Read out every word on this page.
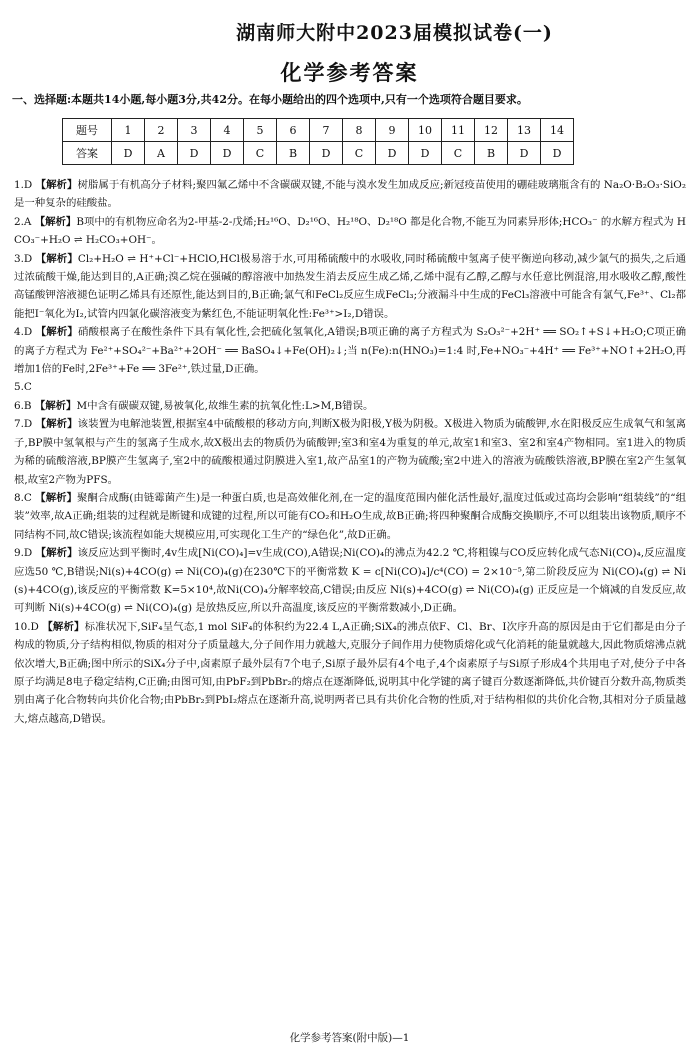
湖南师大附中2023届模拟试卷(一)
化学参考答案
一、选择题:本题共14小题,每小题3分,共42分。在每小题给出的四个选项中,只有一个选项符合题目要求。
题号	1	2	3	4	5	6	7	8	9	10	11	12	13	14
答案	D	A	D	D	C	B	D	C	D	D	C	B	D	D

1.D 【解析】树脂属于有机高分子材料;聚四氟乙烯中不含碳碳双键,不能与溴水发生加成反应;新冠疫苗使用的硼硅玻璃瓶含有的 Na₂O·B₂O₃·SiO₂ 是一种复杂的硅酸盐。

2.A 【解析】B项中的有机物应命名为2-甲基-2-戊烯;H₂¹⁶O、D₂¹⁶O、H₂¹⁸O、D₂¹⁸O 都是化合物,不能互为同素异形体;HCO₃⁻ 的水解方程式为 HCO₃⁻+H₂O ⇌ H₂CO₃+OH⁻。

3.D 【解析】Cl₂+H₂O ⇌ H⁺+Cl⁻+HClO,HCl极易溶于水,可用稀硫酸中的水吸收,同时稀硫酸中氢离子使平衡逆向移动,减少氯气的损失,之后通过浓硫酸干燥,能达到目的,A正确;溴乙烷在强碱的醇溶液中加热发生消去反应生成乙烯,乙烯中混有乙醇,乙醇与水任意比例混溶,用水吸收乙醇,酸性高锰酸钾溶液褪色证明乙烯具有还原性,能达到目的,B正确;氯气和FeCl₂反应生成FeCl₃;分液漏斗中生成的FeCl₃溶液中可能含有氯气,Fe³⁺、Cl₂都能把I⁻氧化为I₂,试管内四氯化碳溶液变为紫红色,不能证明氧化性:Fe³⁺>I₂,D错误。

4.D 【解析】硝酸根离子在酸性条件下具有氧化性,会把硫化氢氧化,A错误;B项正确的离子方程式为 S₂O₃²⁻+2H⁺ ══ SO₂↑+S↓+H₂O;C项正确的离子方程式为 Fe²⁺+SO₄²⁻+Ba²⁺+2OH⁻ ══ BaSO₄↓+Fe(OH)₂↓;当 n(Fe):n(HNO₃)=1:4 时,Fe+NO₃⁻+4H⁺ ══ Fe³⁺+NO↑+2H₂O,再增加1倍的Fe时,2Fe³⁺+Fe ══ 3Fe²⁺,铁过量,D正确。

5.C

6.B 【解析】M中含有碳碳双键,易被氧化,故维生素的抗氧化性:L>M,B错误。

7.D 【解析】该装置为电解池装置,根据室4中硫酸根的移动方向,判断X极为阳极,Y极为阴极。X极进入物质为硫酸钾,水在阳极反应生成氧气和氢离子,BP膜中氢氧根与产生的氢离子生成水,故X极出去的物质仍为硫酸钾;室3和室4为重复的单元,故室1和室3、室2和室4产物相同。室1进入的物质为稀的硫酸溶液,BP膜产生氢离子,室2中的硫酸根通过阴膜进入室1,故产品室1的产物为硫酸;室2中进入的溶液为硫酸铁溶液,BP膜在室2产生氢氧根,故室2产物为PFS。

8.C 【解析】聚酮合成酶(由链霉菌产生)是一种蛋白质,也是高效催化剂,在一定的温度范围内催化活性最好,温度过低或过高均会影响“组装线”的“组装”效率,故A正确;组装的过程就是断键和成键的过程,所以可能有CO₂和H₂O生成,故B正确;将四种聚酮合成酶交换顺序,不可以组装出该物质,顺序不同结构不同,故C错误;该流程如能大规模应用,可实现化工生产的“绿色化”,故D正确。

9.D 【解析】该反应达到平衡时,4v生成[Ni(CO)₄]=v生成(CO),A错误;Ni(CO)₄的沸点为42.2 ℃,将粗镍与CO反应转化成气态Ni(CO)₄,反应温度应选50 ℃,B错误;Ni(s)+4CO(g) ⇌ Ni(CO)₄(g)在230℃下的平衡常数 K = c[Ni(CO)₄]/c⁴(CO) = 2×10⁻⁵,第二阶段反应为 Ni(CO)₄(g) ⇌ Ni(s)+4CO(g),该反应的平衡常数 K=5×10⁴,故Ni(CO)₄分解率较高,C错误;由反应 Ni(s)+4CO(g) ⇌ Ni(CO)₄(g) 正反应是一个熵减的自发反应,故可判断 Ni(s)+4CO(g) ⇌ Ni(CO)₄(g) 是放热反应,所以升高温度,该反应的平衡常数减小,D正确。

10.D 【解析】标准状况下,SiF₄呈气态,1 mol SiF₄的体积约为22.4 L,A正确;SiX₄的沸点依F、Cl、Br、I次序升高的原因是由于它们都是由分子构成的物质,分子结构相似,物质的相对分子质量越大,分子间作用力就越大,克服分子间作用力使物质熔化或气化消耗的能量就越大,因此物质熔沸点就依次增大,B正确;图中所示的SiX₄分子中,卤素原子最外层有7个电子,Si原子最外层有4个电子,4个卤素原子与Si原子形成4个共用电子对,使分子中各原子均满足8电子稳定结构,C正确;由图可知,由PbF₂到PbBr₂的熔点在逐渐降低,说明其中化学键的离子键百分数逐渐降低,共价键百分数升高,物质类别由离子化合物转向共价化合物;由PbBr₂到PbI₂熔点在逐渐升高,说明两者已具有共价化合物的性质,对于结构相似的共价化合物,其相对分子质量越大,熔点越高,D错误。

化学参考答案(附中版)—1
